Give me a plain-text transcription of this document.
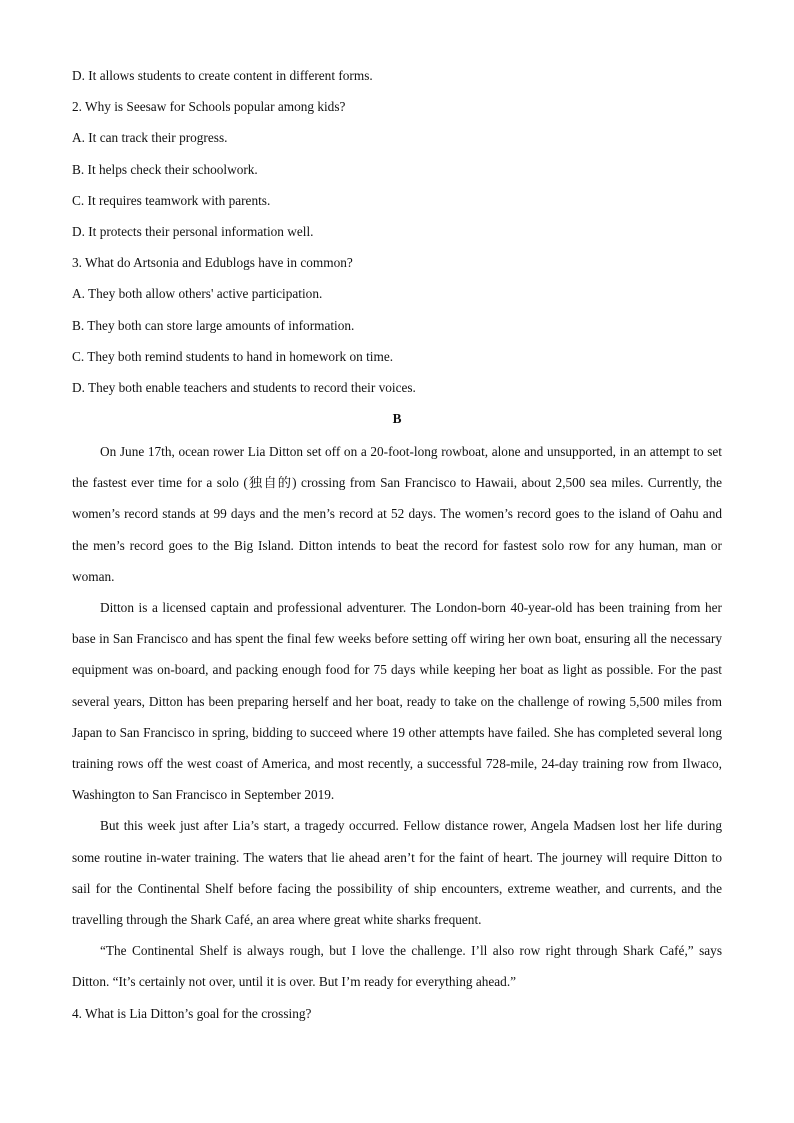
D. It allows students to create content in different forms.
2. Why is Seesaw for Schools popular among kids?
A. It can track their progress.
B. It helps check their schoolwork.
C. It requires teamwork with parents.
D. It protects their personal information well.
3. What do Artsonia and Edublogs have in common?
A. They both allow others' active participation.
B. They both can store large amounts of information.
C. They both remind students to hand in homework on time.
D. They both enable teachers and students to record their voices.
B

On June 17th, ocean rower Lia Ditton set off on a 20-foot-long rowboat, alone and unsupported, in an attempt to set the fastest ever time for a solo (独自的) crossing from San Francisco to Hawaii, about 2,500 sea miles. Currently, the women’s record stands at 99 days and the men’s record at 52 days. The women’s record goes to the island of Oahu and the men’s record goes to the Big Island. Ditton intends to beat the record for fastest solo row for any human, man or woman.

Ditton is a licensed captain and professional adventurer. The London-born 40-year-old has been training from her base in San Francisco and has spent the final few weeks before setting off wiring her own boat, ensuring all the necessary equipment was on-board, and packing enough food for 75 days while keeping her boat as light as possible. For the past several years, Ditton has been preparing herself and her boat, ready to take on the challenge of rowing 5,500 miles from Japan to San Francisco in spring, bidding to succeed where 19 other attempts have failed. She has completed several long training rows off the west coast of America, and most recently, a successful 728-mile, 24-day training row from Ilwaco, Washington to San Francisco in September 2019.

But this week just after Lia’s start, a tragedy occurred. Fellow distance rower, Angela Madsen lost her life during some routine in-water training. The waters that lie ahead aren’t for the faint of heart. The journey will require Ditton to sail for the Continental Shelf before facing the possibility of ship encounters, extreme weather, and currents, and the travelling through the Shark Café, an area where great white sharks frequent.

“The Continental Shelf is always rough, but I love the challenge. I’ll also row right through Shark Café,” says Ditton. “It’s certainly not over, until it is over. But I’m ready for everything ahead.”

4. What is Lia Ditton’s goal for the crossing?
